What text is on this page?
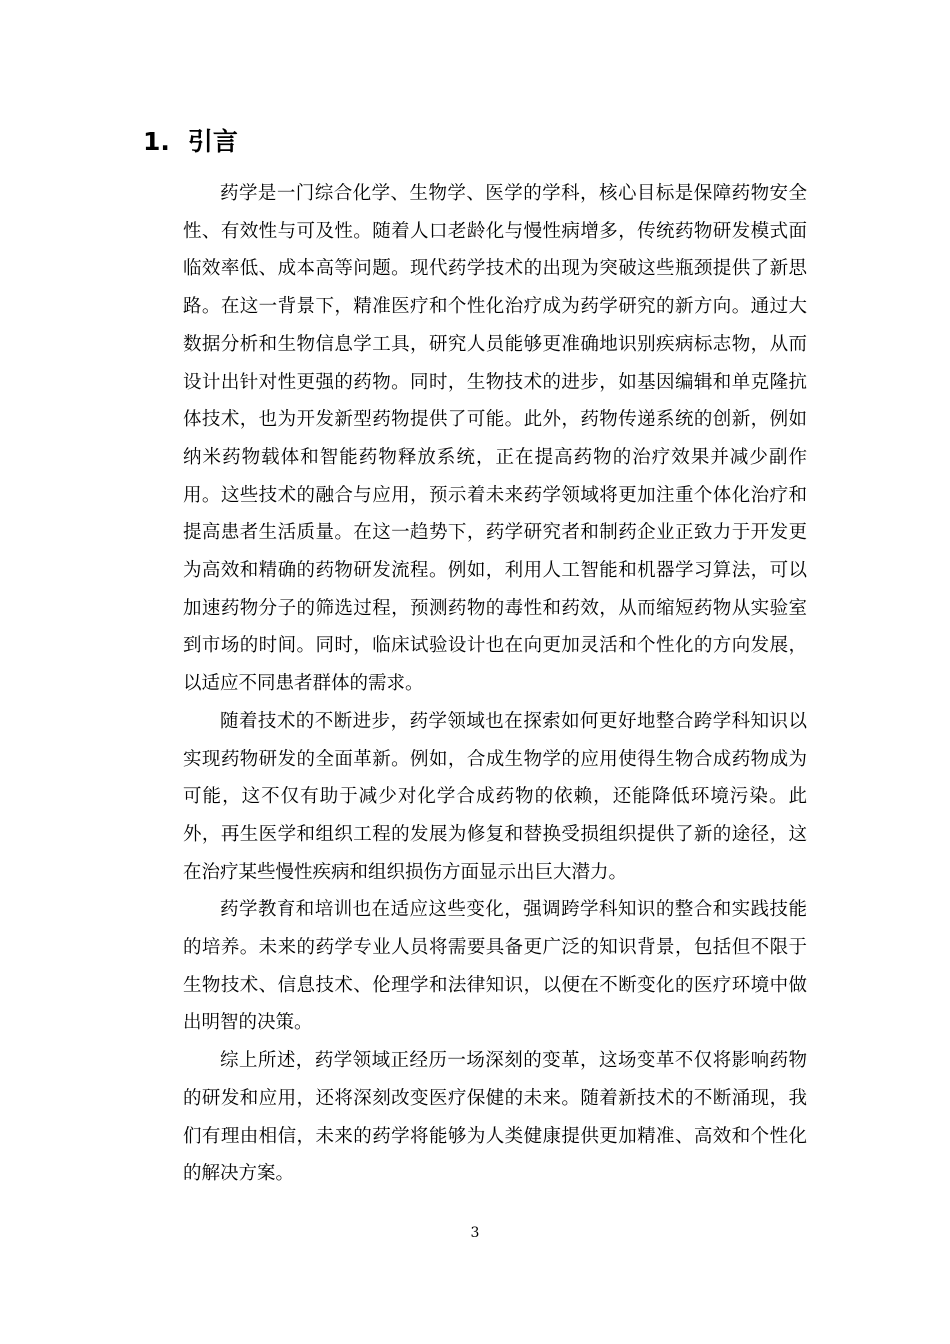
1. 引言

药学是一门综合化学、生物学、医学的学科，核心目标是保障药物安全性、有效性与可及性。随着人口老龄化与慢性病增多，传统药物研发模式面临效率低、成本高等问题。现代药学技术的出现为突破这些瓶颈提供了新思路。在这一背景下，精准医疗和个性化治疗成为药学研究的新方向。通过大数据分析和生物信息学工具，研究人员能够更准确地识别疾病标志物，从而设计出针对性更强的药物。同时，生物技术的进步，如基因编辑和单克隆抗体技术，也为开发新型药物提供了可能。此外，药物传递系统的创新，例如纳米药物载体和智能药物释放系统，正在提高药物的治疗效果并减少副作用。这些技术的融合与应用，预示着未来药学领域将更加注重个体化治疗和提高患者生活质量。在这一趋势下，药学研究者和制药企业正致力于开发更为高效和精确的药物研发流程。例如，利用人工智能和机器学习算法，可以加速药物分子的筛选过程，预测药物的毒性和药效，从而缩短药物从实验室到市场的时间。同时，临床试验设计也在向更加灵活和个性化的方向发展，以适应不同患者群体的需求。

随着技术的不断进步，药学领域也在探索如何更好地整合跨学科知识以实现药物研发的全面革新。例如，合成生物学的应用使得生物合成药物成为可能，这不仅有助于减少对化学合成药物的依赖，还能降低环境污染。此外，再生医学和组织工程的发展为修复和替换受损组织提供了新的途径，这在治疗某些慢性疾病和组织损伤方面显示出巨大潜力。

药学教育和培训也在适应这些变化，强调跨学科知识的整合和实践技能的培养。未来的药学专业人员将需要具备更广泛的知识背景，包括但不限于生物技术、信息技术、伦理学和法律知识，以便在不断变化的医疗环境中做出明智的决策。

综上所述，药学领域正经历一场深刻的变革，这场变革不仅将影响药物的研发和应用，还将深刻改变医疗保健的未来。随着新技术的不断涌现，我们有理由相信，未来的药学将能够为人类健康提供更加精准、高效和个性化的解决方案。

3
